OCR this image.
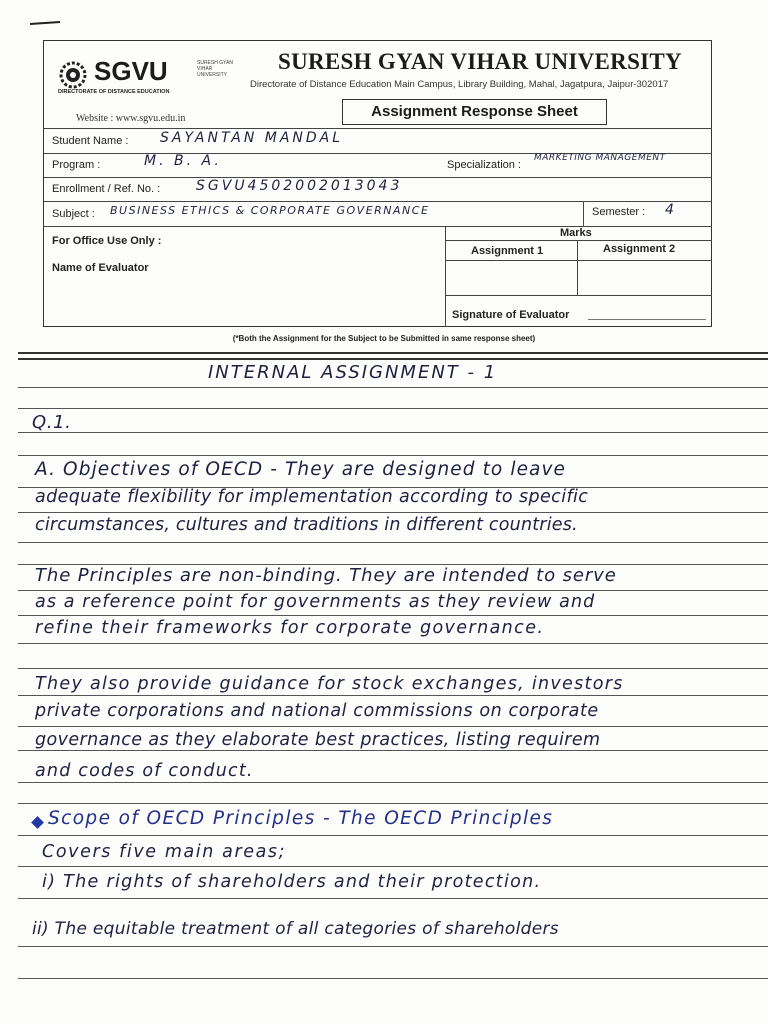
SGVU	SURESH GYAN VIHAR UNIVERSITY
DIRECTORATE OF DISTANCE EDUCATION
Website : www.sgvu.edu.in
SURESH GYAN VIHAR UNIVERSITY
Directorate of Distance Education Main Campus, Library Building, Mahal, Jagatpura, Jaipur-302017
Assignment Response Sheet
Student Name : SAYANTAN MANDAL
Program :	M. B. A.	Specialization :
MARKETING MANAGEMENT
Enrollment / Ref. No. :	SGVU4502002013043
Subject : BUSINESS ETHICS & CORPORATE GOVERNANCE	Semester : 4
For Office Use Only :
Marks
Assignment 1	Assignment 2
Name of Evaluator
Signature of Evaluator
(*Both the Assignment for the Subject to be Submitted in same response sheet)
INTERNAL ASSIGNMENT - 1
Q.1.
A. Objectives of OECD - They are designed to leave
adequate flexibility for implementation according to specific
circumstances, cultures and traditions in different countries.
The Principles are non-binding. They are intended to serve
as a reference point for governments as they review and
refine their frameworks for corporate governance.
They also provide guidance for stock exchanges, investors
private corporations and national commissions on corporate
governance as they elaborate best practices, listing requirem
and codes of conduct.
Scope of OECD Principles - The OECD Principles
Covers five main areas;
i) The rights of shareholders and their protection.
ii) The equitable treatment of all categories of shareholders
